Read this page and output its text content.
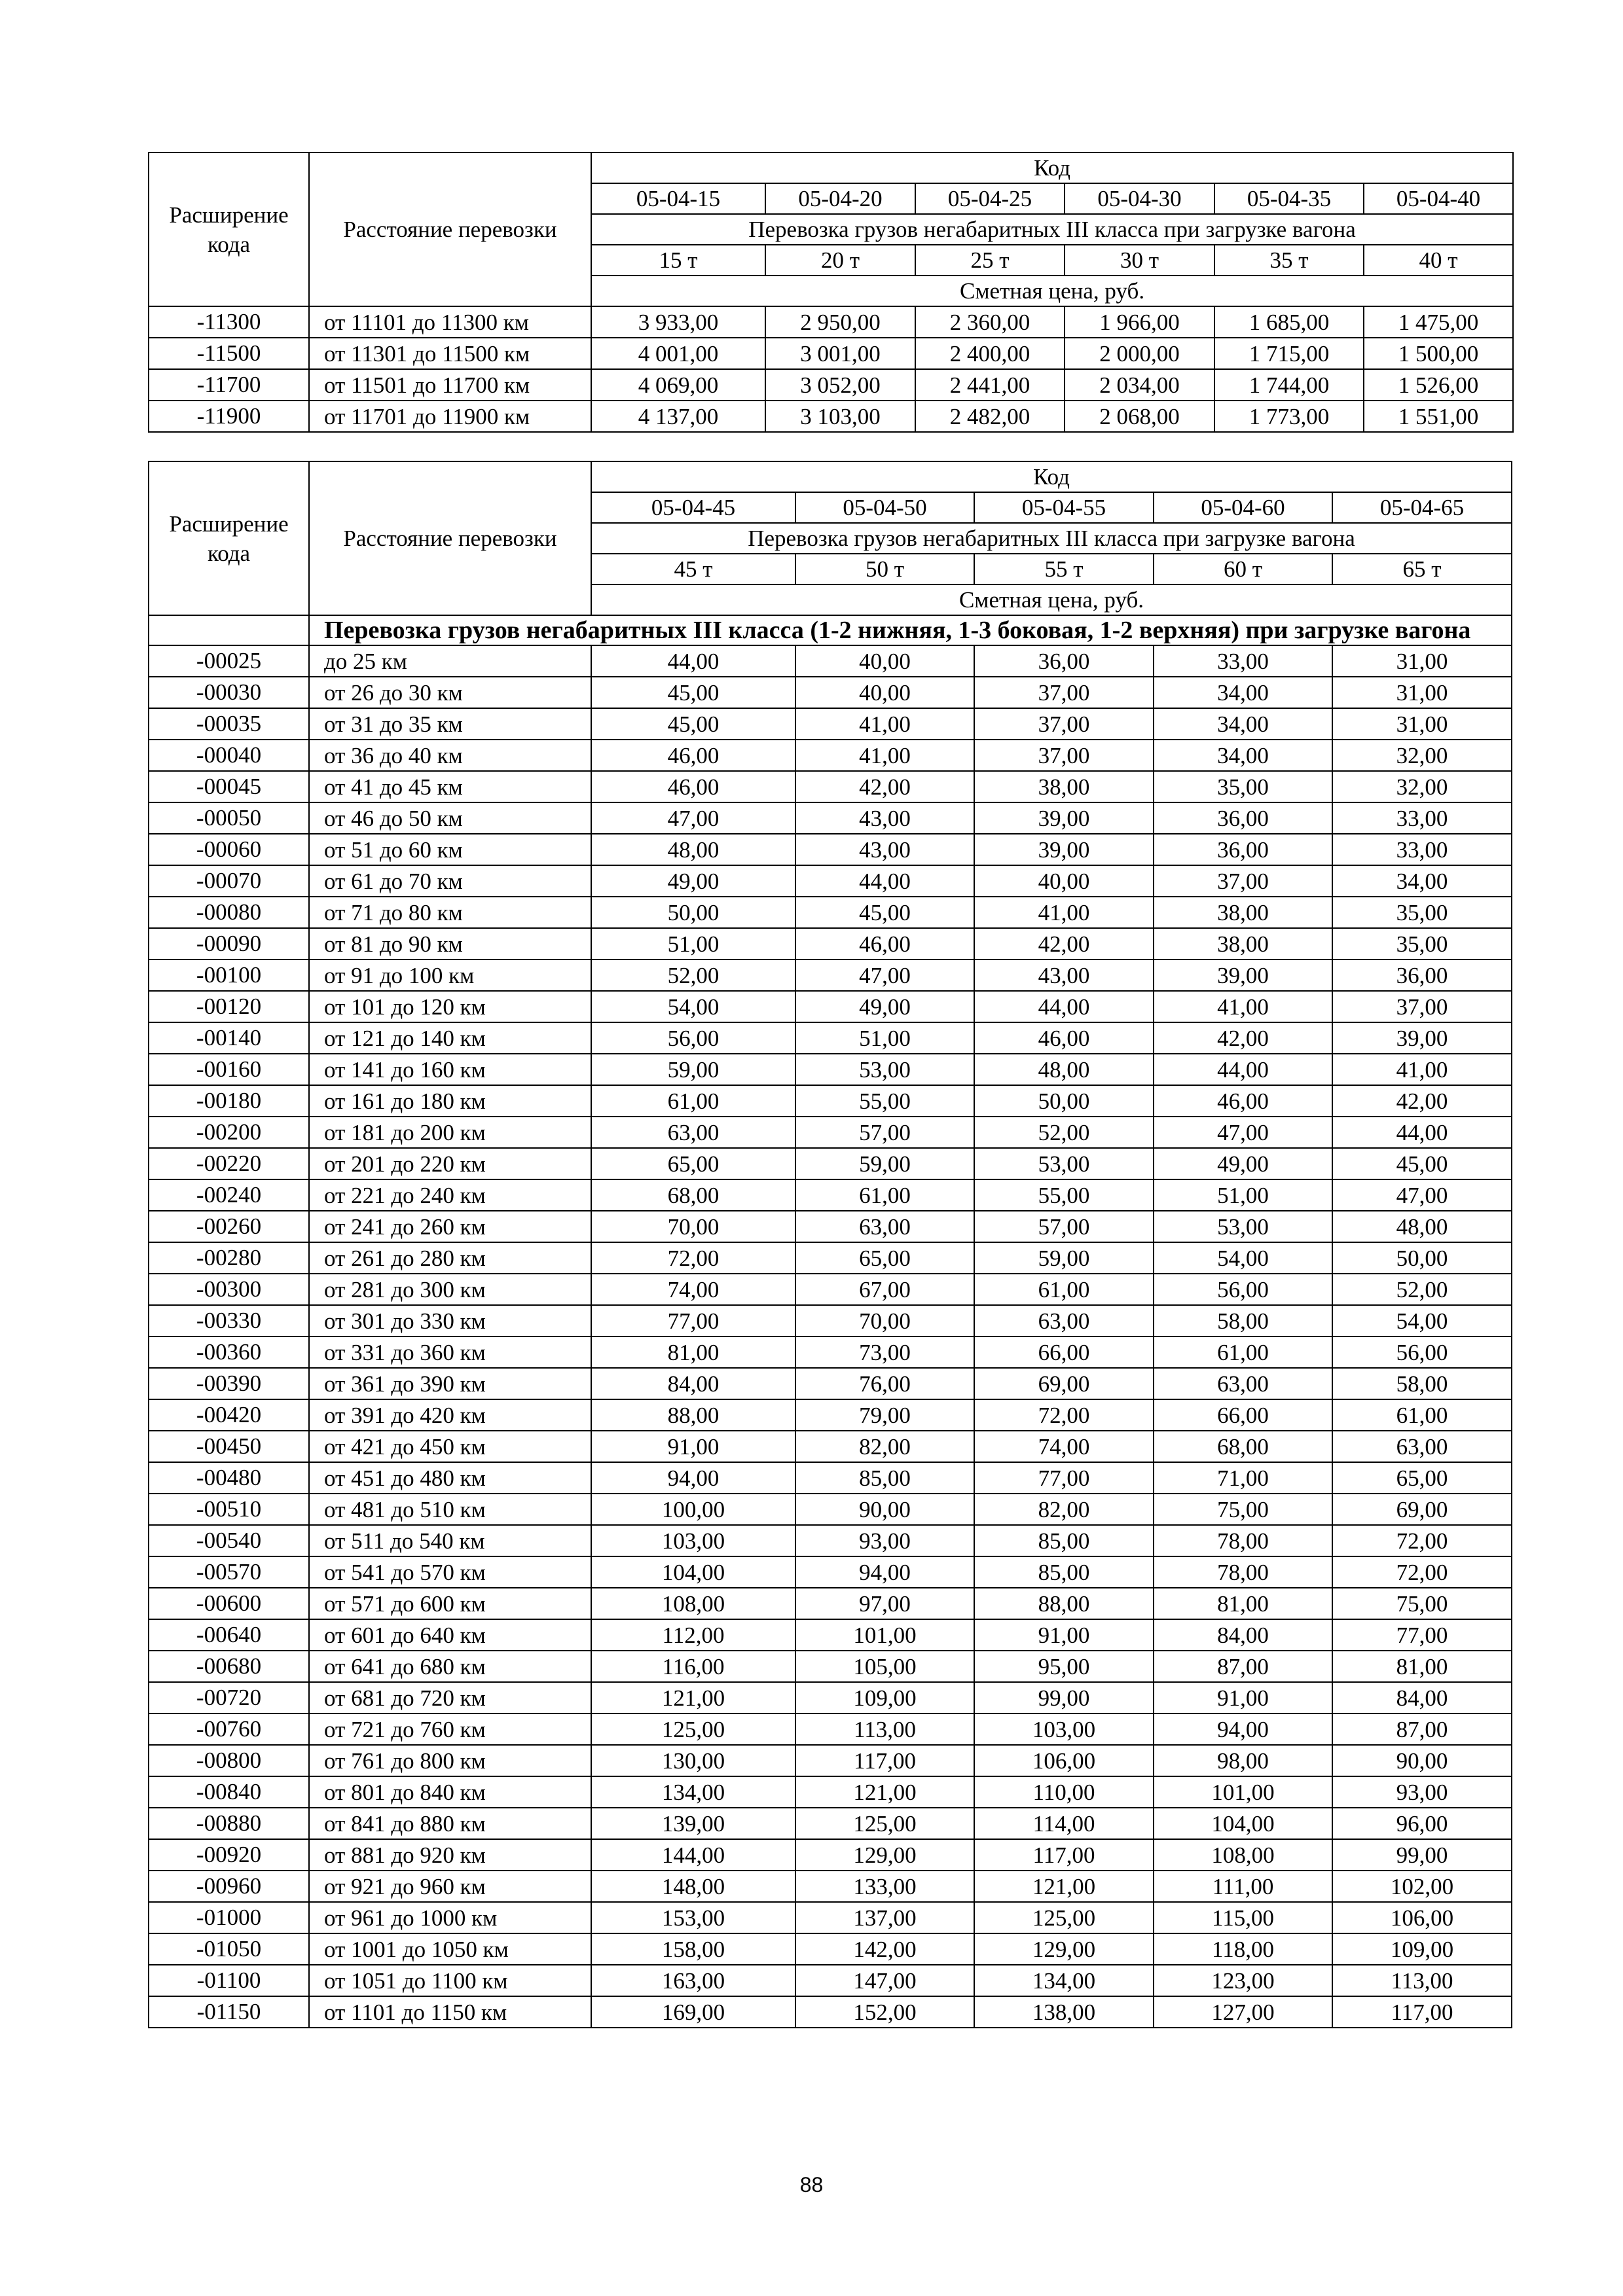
Расширение кода	Расстояние перевозки	Код					
		05-04-15	05-04-20	05-04-25	05-04-30	05-04-35	05-04-40
		Перевозка грузов негабаритных III класса при загрузке вагона					
		15 т	20 т	25 т	30 т	35 т	40 т
		Сметная цена, руб.					
-11300	от 11101 до 11300 км	3 933,00	2 950,00	2 360,00	1 966,00	1 685,00	1 475,00
-11500	от 11301 до 11500 км	4 001,00	3 001,00	2 400,00	2 000,00	1 715,00	1 500,00
-11700	от 11501 до 11700 км	4 069,00	3 052,00	2 441,00	2 034,00	1 744,00	1 526,00
-11900	от 11701 до 11900 км	4 137,00	3 103,00	2 482,00	2 068,00	1 773,00	1 551,00
Расширение кода	Расстояние перевозки	Код				
		05-04-45	05-04-50	05-04-55	05-04-60	05-04-65
		Перевозка грузов негабаритных III класса при загрузке вагона				
		45 т	50 т	55 т	60 т	65 т
		Сметная цена, руб.				
	Перевозка грузов негабаритных III класса (1-2 нижняя, 1-3 боковая, 1-2 верхняя) при загрузке вагона					
-00025	до 25 км	44,00	40,00	36,00	33,00	31,00
-00030	от 26 до 30 км	45,00	40,00	37,00	34,00	31,00
-00035	от 31 до 35 км	45,00	41,00	37,00	34,00	31,00
-00040	от 36 до 40 км	46,00	41,00	37,00	34,00	32,00
-00045	от 41 до 45 км	46,00	42,00	38,00	35,00	32,00
-00050	от 46 до 50 км	47,00	43,00	39,00	36,00	33,00
-00060	от 51 до 60 км	48,00	43,00	39,00	36,00	33,00
-00070	от 61 до 70 км	49,00	44,00	40,00	37,00	34,00
-00080	от 71 до 80 км	50,00	45,00	41,00	38,00	35,00
-00090	от 81 до 90 км	51,00	46,00	42,00	38,00	35,00
-00100	от 91 до 100 км	52,00	47,00	43,00	39,00	36,00
-00120	от 101 до 120 км	54,00	49,00	44,00	41,00	37,00
-00140	от 121 до 140 км	56,00	51,00	46,00	42,00	39,00
-00160	от 141 до 160 км	59,00	53,00	48,00	44,00	41,00
-00180	от 161 до 180 км	61,00	55,00	50,00	46,00	42,00
-00200	от 181 до 200 км	63,00	57,00	52,00	47,00	44,00
-00220	от 201 до 220 км	65,00	59,00	53,00	49,00	45,00
-00240	от 221 до 240 км	68,00	61,00	55,00	51,00	47,00
-00260	от 241 до 260 км	70,00	63,00	57,00	53,00	48,00
-00280	от 261 до 280 км	72,00	65,00	59,00	54,00	50,00
-00300	от 281 до 300 км	74,00	67,00	61,00	56,00	52,00
-00330	от 301 до 330 км	77,00	70,00	63,00	58,00	54,00
-00360	от 331 до 360 км	81,00	73,00	66,00	61,00	56,00
-00390	от 361 до 390 км	84,00	76,00	69,00	63,00	58,00
-00420	от 391 до 420 км	88,00	79,00	72,00	66,00	61,00
-00450	от 421 до 450 км	91,00	82,00	74,00	68,00	63,00
-00480	от 451 до 480 км	94,00	85,00	77,00	71,00	65,00
-00510	от 481 до 510 км	100,00	90,00	82,00	75,00	69,00
-00540	от 511 до 540 км	103,00	93,00	85,00	78,00	72,00
-00570	от 541 до 570 км	104,00	94,00	85,00	78,00	72,00
-00600	от 571 до 600 км	108,00	97,00	88,00	81,00	75,00
-00640	от 601 до 640 км	112,00	101,00	91,00	84,00	77,00
-00680	от 641 до 680 км	116,00	105,00	95,00	87,00	81,00
-00720	от 681 до 720 км	121,00	109,00	99,00	91,00	84,00
-00760	от 721 до 760 км	125,00	113,00	103,00	94,00	87,00
-00800	от 761 до 800 км	130,00	117,00	106,00	98,00	90,00
-00840	от 801 до 840 км	134,00	121,00	110,00	101,00	93,00
-00880	от 841 до 880 км	139,00	125,00	114,00	104,00	96,00
-00920	от 881 до 920 км	144,00	129,00	117,00	108,00	99,00
-00960	от 921 до 960 км	148,00	133,00	121,00	111,00	102,00
-01000	от 961 до 1000 км	153,00	137,00	125,00	115,00	106,00
-01050	от 1001 до 1050 км	158,00	142,00	129,00	118,00	109,00
-01100	от 1051 до 1100 км	163,00	147,00	134,00	123,00	113,00
-01150	от 1101 до 1150 км	169,00	152,00	138,00	127,00	117,00
88
